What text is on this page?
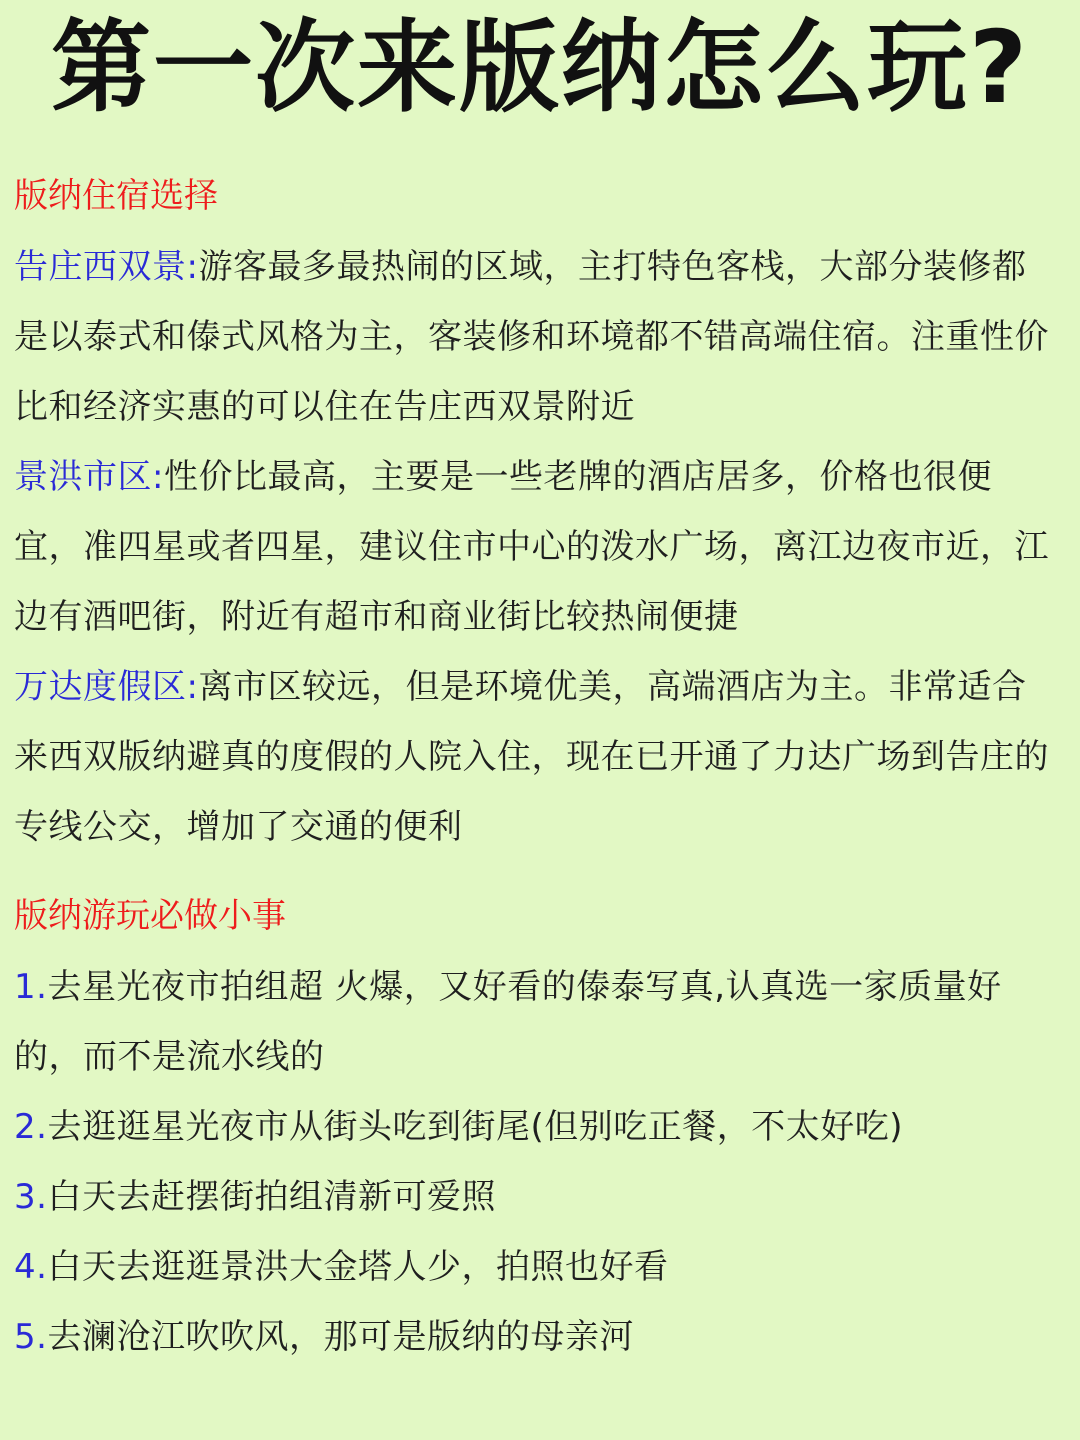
第一次来版纳怎么玩?
版纳住宿选择
告庄西双景:游客最多最热闹的区域，主打特色客栈，大部分装修都是以泰式和傣式风格为主，客装修和环境都不错高端住宿。注重性价比和经济实惠的可以住在告庄西双景附近
景洪市区:性价比最高，主要是一些老牌的酒店居多，价格也很便宜，准四星或者四星，建议住市中心的泼水广场，离江边夜市近，江边有酒吧街，附近有超市和商业街比较热闹便捷
万达度假区:离市区较远，但是环境优美，高端酒店为主。非常适合来西双版纳避真的度假的人院入住，现在已开通了力达广场到告庄的专线公交，增加了交通的便利
版纳游玩必做小事
1.去星光夜市拍组超 火爆，又好看的傣泰写真,认真选一家质量好的，而不是流水线的
2.去逛逛星光夜市从街头吃到街尾(但别吃正餐，不太好吃)
3.白天去赶摆街拍组清新可爱照
4.白天去逛逛景洪大金塔人少，拍照也好看
5.去澜沧江吹吹风，那可是版纳的母亲河
